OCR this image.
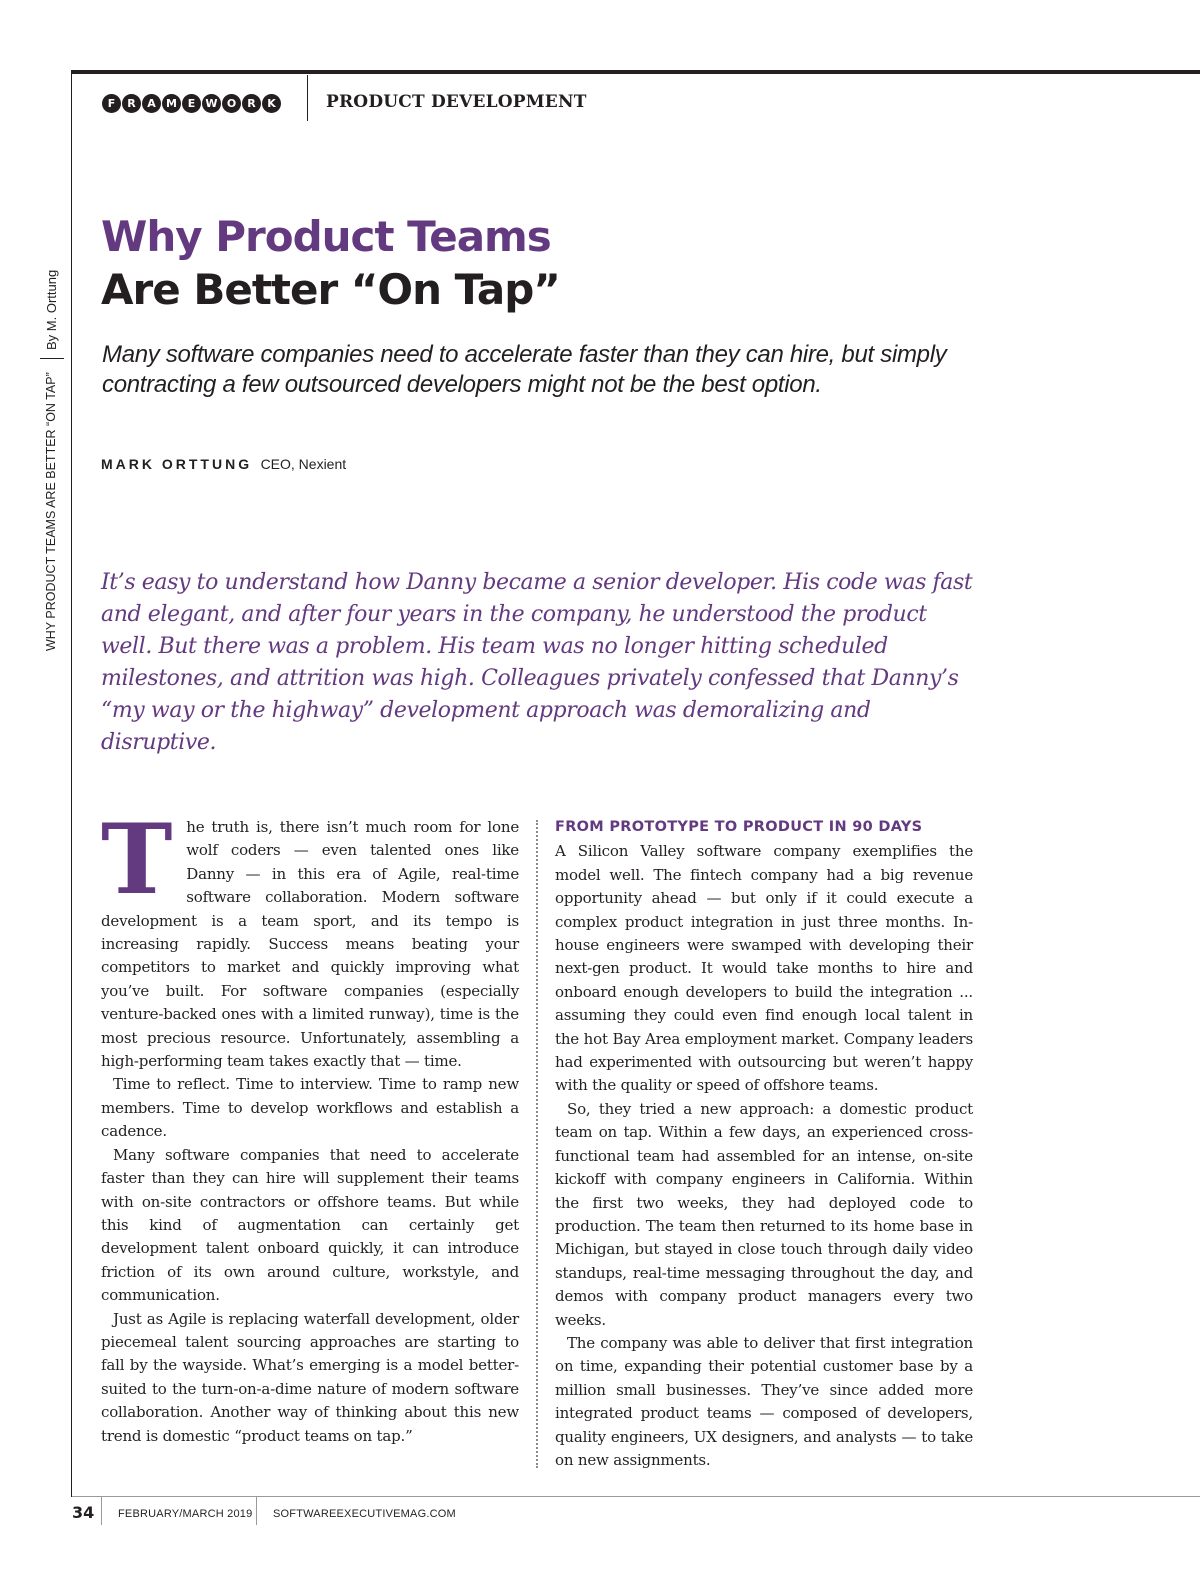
F	R	A M E W O	R	K	PRODUCT DEVELOPMENT
By M. Orttung
WHY PRODUCT TEAMS ARE BETTER “ON TAP”
Why Product Teams
Are Better “On Tap”

Many software companies need to accelerate faster than they can hire, but simply contracting a few outsourced developers might not be the best option.

MARK ORTTUNG CEO, Nexient

It’s easy to understand how Danny became a senior developer. His code was fast and elegant, and after four years in the company, he understood the product well. But there was a problem. His team was no longer hitting scheduled milestones, and attrition was high. Colleagues privately confessed that Danny’s “my way or the highway” development approach was demoralizing and disruptive.

The truth is, there isn’t much room for lone wolf coders — even talented ones like Danny — in this era of Agile, real-time software collaboration. Modern software development is a team sport, and its tempo is increasing rapidly. Success means beating your competitors to market and quickly improving what you’ve built. For software companies (especially venture-backed ones with a limited runway), time is the most precious resource. Unfortunately, assembling a high-performing team takes exactly that — time.

Time to reflect. Time to interview. Time to ramp new members. Time to develop workflows and establish a cadence.

Many software companies that need to accelerate faster than they can hire will supplement their teams with on-site contractors or offshore teams. But while this kind of augmentation can certainly get development talent onboard quickly, it can introduce friction of its own around culture, workstyle, and communication.

Just as Agile is replacing waterfall development, older piecemeal talent sourcing approaches are starting to fall by the wayside. What’s emerging is a model better-suited to the turn-on-a-dime nature of modern software collaboration. Another way of thinking about this new trend is domestic “product teams on tap.”

FROM PROTOTYPE TO PRODUCT IN 90 DAYS

A Silicon Valley software company exemplifies the model well. The fintech company had a big revenue opportunity ahead — but only if it could execute a complex product integration in just three months. In-house engineers were swamped with developing their next-gen product. It would take months to hire and onboard enough developers to build the integration ... assuming they could even find enough local talent in the hot Bay Area employment market. Company leaders had experimented with outsourcing but weren’t happy with the quality or speed of offshore teams.

So, they tried a new approach: a domestic product team on tap. Within a few days, an experienced cross-functional team had assembled for an intense, on-site kickoff with company engineers in California. Within the first two weeks, they had deployed code to production. The team then returned to its home base in Michigan, but stayed in close touch through daily video standups, real-time messaging throughout the day, and demos with company product managers every two weeks.

The company was able to deliver that first integration on time, expanding their potential customer base by a million small businesses. They’ve since added more integrated product teams — composed of developers, quality engineers, UX designers, and analysts — to take on new assignments.

34 FEBRUARY/MARCH 2019 SOFTWAREEXECUTIVEMAG.COM
